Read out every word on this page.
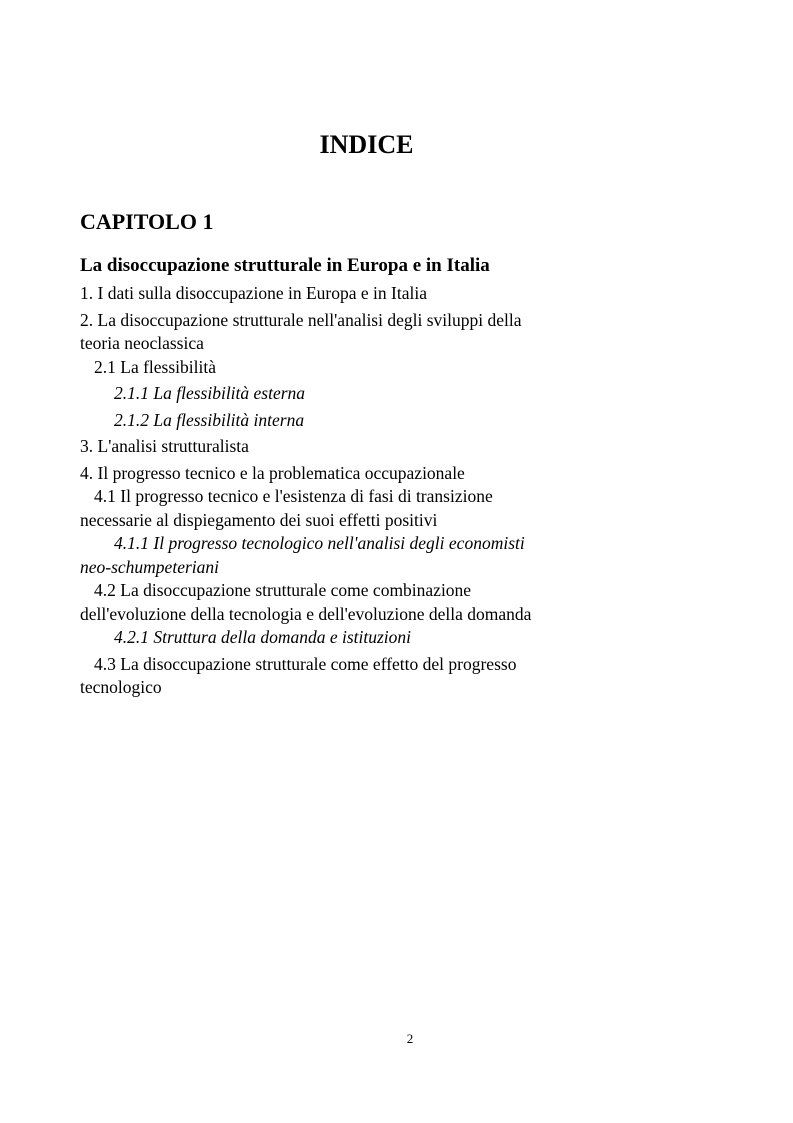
INDICE
CAPITOLO 1
La disoccupazione strutturale in Europa e in Italia

1. I dati sulla disoccupazione in Europa e in Italia

2. La disoccupazione strutturale nell'analisi degli sviluppi della teoria neoclassica

2.1 La flessibilità

2.1.1 La flessibilità esterna

2.1.2 La flessibilità interna

3. L'analisi strutturalista

4. Il progresso tecnico e la problematica occupazionale

4.1 Il progresso tecnico e l'esistenza di fasi di transizione necessarie al dispiegamento dei suoi effetti positivi

4.1.1 Il progresso tecnologico nell'analisi degli economisti neo-schumpeteriani

4.2 La disoccupazione strutturale come combinazione dell'evoluzione della tecnologia e dell'evoluzione della domanda

4.2.1 Struttura della domanda e istituzioni

4.3 La disoccupazione strutturale come effetto del progresso tecnologico

2
